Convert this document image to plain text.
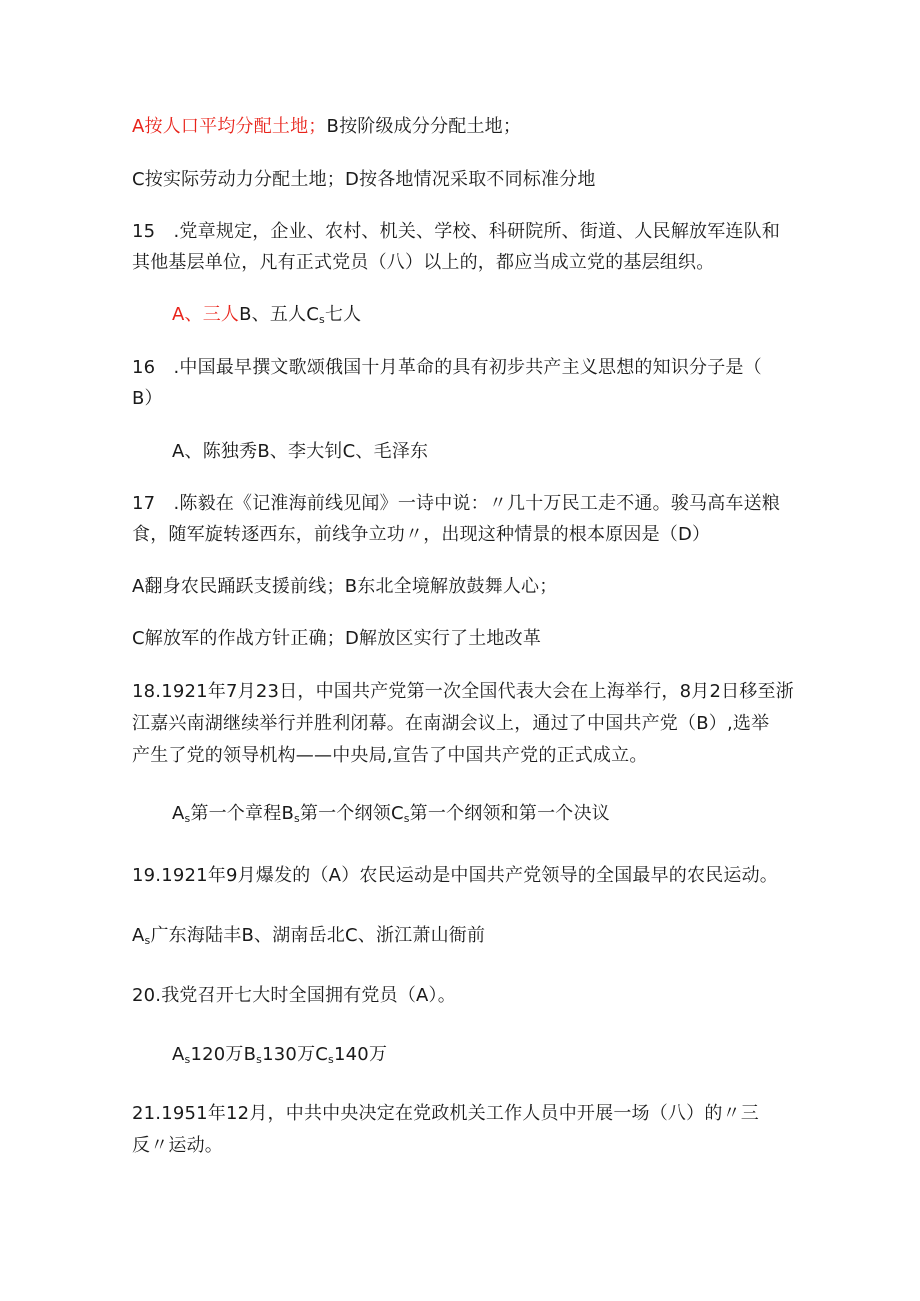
A按人口平均分配土地；B按阶级成分分配土地；
C按实际劳动力分配土地；D按各地情况采取不同标准分地
15　.党章规定，企业、农村、机关、学校、科研院所、街道、人民解放军连队和
其他基层单位，凡有正式党员（八）以上的，都应当成立党的基层组织。
A、三人B、五人$C_s$七人
16　.中国最早撰文歌颂俄国十月革命的具有初步共产主义思想的知识分子是（
B）
A、陈独秀B、李大钊C、毛泽东
17　.陈毅在《记淮海前线见闻》一诗中说：〃几十万民工走不通。骏马高车送粮
食，随军旋转逐西东，前线争立功〃，出现这种情景的根本原因是（D）
A翻身农民踊跃支援前线；B东北全境解放鼓舞人心；
C解放军的作战方针正确；D解放区实行了土地改革
18.1921年7月23日，中国共产党第一次全国代表大会在上海举行，8月2日移至浙
江嘉兴南湖继续举行并胜利闭幕。在南湖会议上，通过了中国共产党（B）,选举
产生了党的领导机构——中央局,宣告了中国共产党的正式成立。
$A_s$第一个章程$B_s$第一个纲领$C_s$第一个纲领和第一个决议
19.1921年9月爆发的（A）农民运动是中国共产党领导的全国最早的农民运动。
$A_s$广东海陆丰B、湖南岳北C、浙江萧山衙前
20.我党召开七大时全国拥有党员（A）。
$A_s120$万$B_s130$万$C_s140$万
21.1951年12月，中共中央决定在党政机关工作人员中开展一场（八）的〃三
反〃运动。
